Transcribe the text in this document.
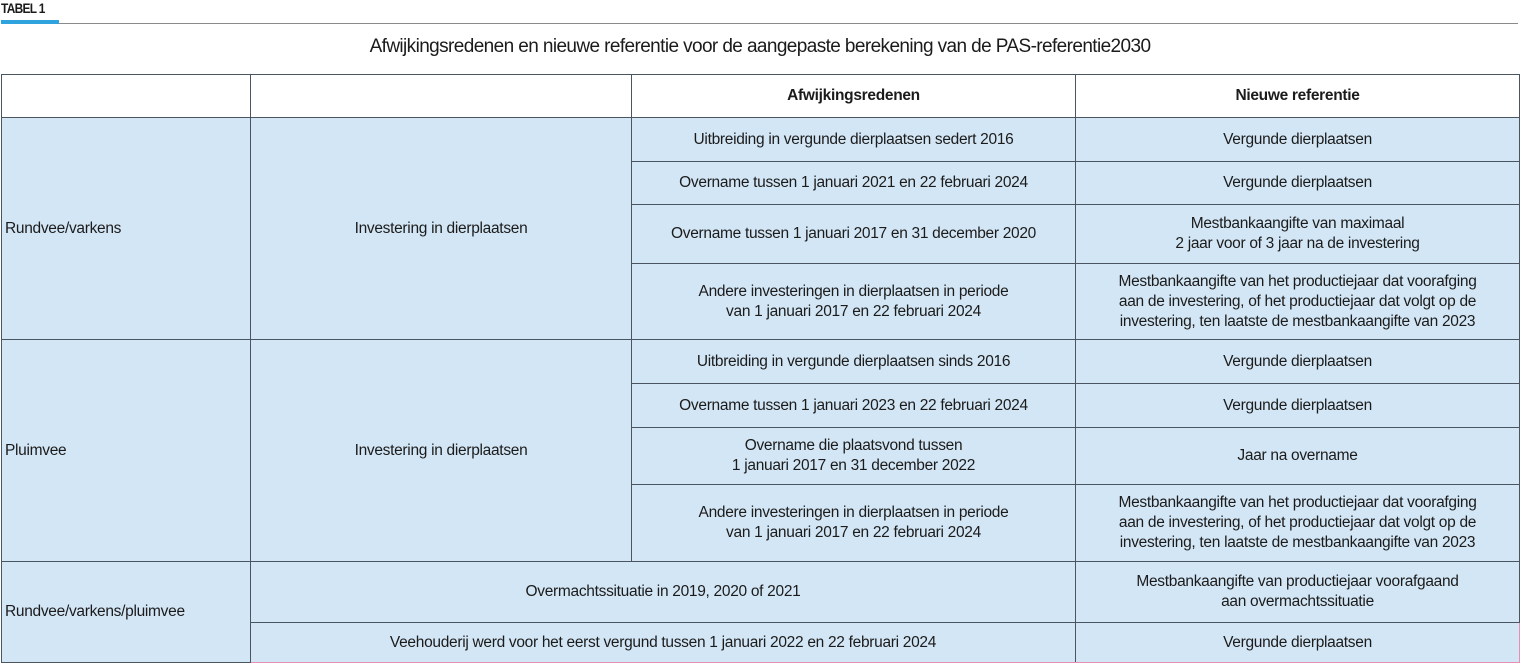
TABEL 1
Afwijkingsredenen en nieuwe referentie voor de aangepaste berekening van de PAS-referentie2030
		Afwijkingsredenen	Nieuwe referentie
Rundvee/varkens	Investering in dierplaatsen	Uitbreiding in vergunde dierplaatsen sedert 2016	Vergunde dierplaatsen
		Overname tussen 1 januari 2021 en 22 februari 2024	Vergunde dierplaatsen
		Overname tussen 1 januari 2017 en 31 december 2020	Mestbankaangifte van maximaal
2 jaar voor of 3 jaar na de investering
		Andere investeringen in dierplaatsen in periode
van 1 januari 2017 en 22 februari 2024	Mestbankaangifte van het productiejaar dat voorafging
aan de investering, of het productiejaar dat volgt op de
investering, ten laatste de mestbankaangifte van 2023
Pluimvee	Investering in dierplaatsen	Uitbreiding in vergunde dierplaatsen sinds 2016	Vergunde dierplaatsen
		Overname tussen 1 januari 2023 en 22 februari 2024	Vergunde dierplaatsen
		Overname die plaatsvond tussen
1 januari 2017 en 31 december 2022	Jaar na overname
		Andere investeringen in dierplaatsen in periode
van 1 januari 2017 en 22 februari 2024	Mestbankaangifte van het productiejaar dat voorafging
aan de investering, of het productiejaar dat volgt op de
investering, ten laatste de mestbankaangifte van 2023
Rundvee/varkens/pluimvee	Overmachtssituatie in 2019, 2020 of 2021		Mestbankaangifte van productiejaar voorafgaand
aan overmachtssituatie
	Veehouderij werd voor het eerst vergund tussen 1 januari 2022 en 22 februari 2024		Vergunde dierplaatsen
